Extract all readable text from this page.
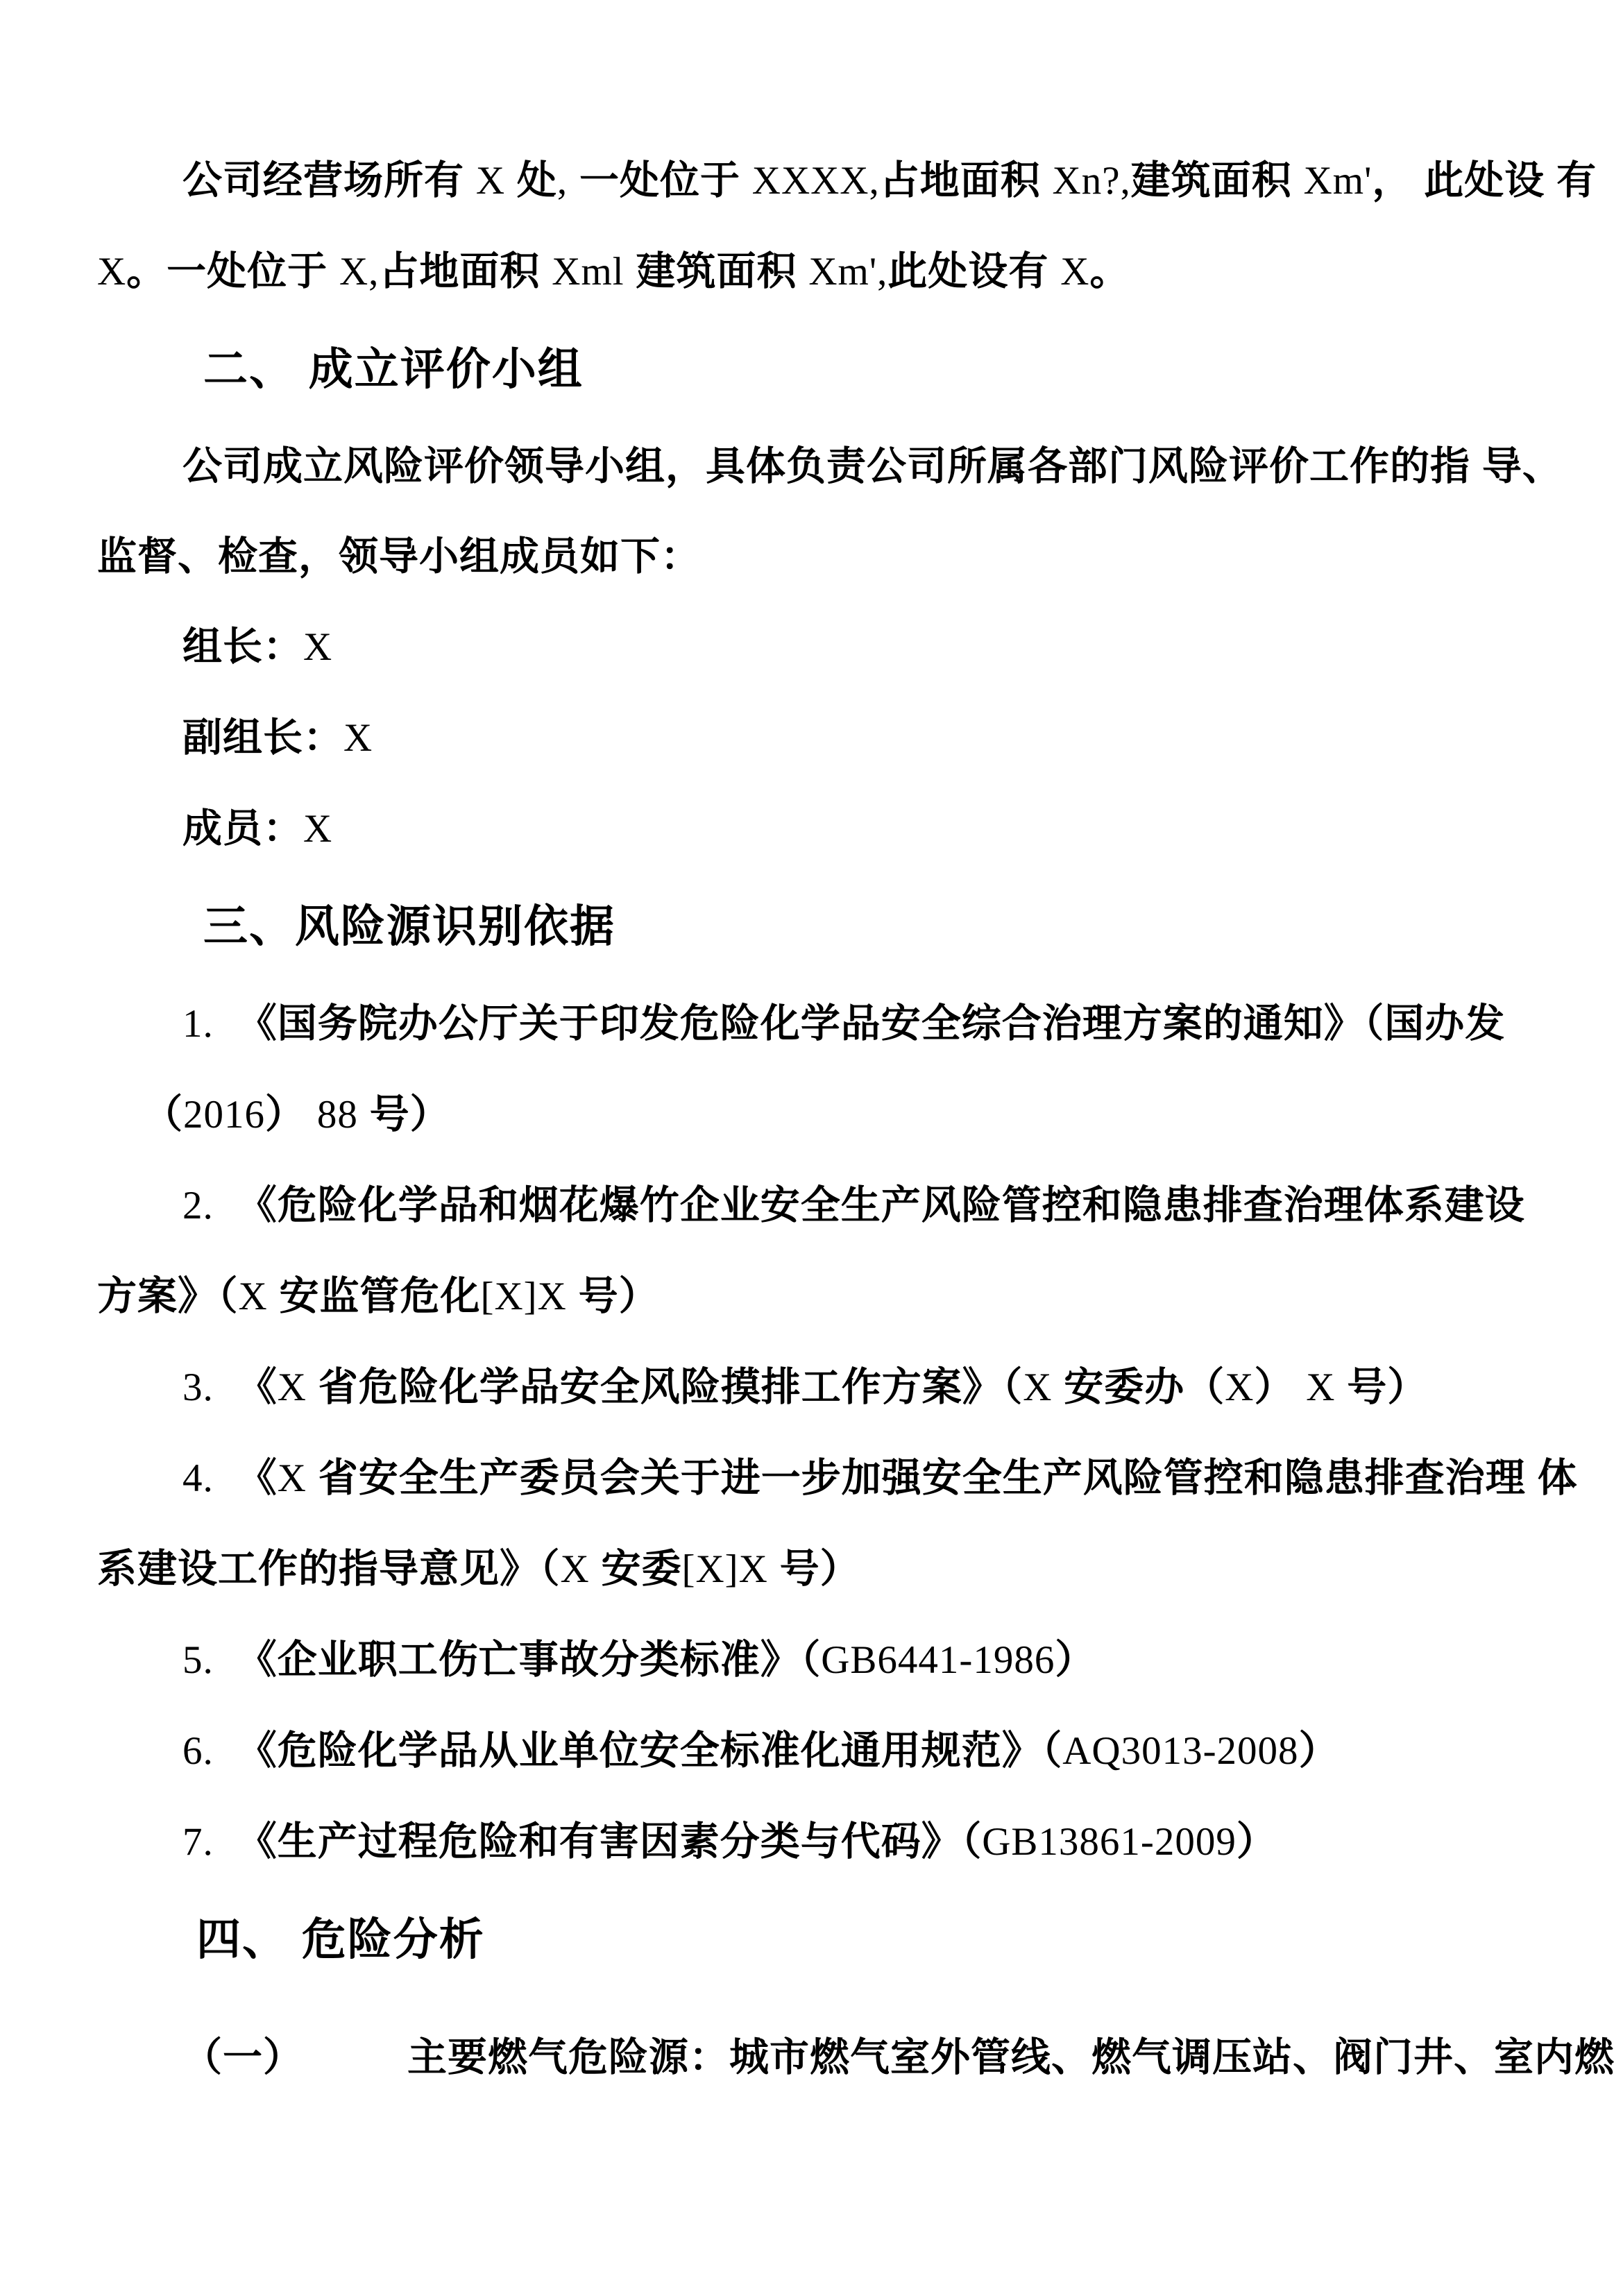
公司经营场所有 X 处, 一处位于 XXXX,占地面积 Xn?,建筑面积 Xm'， 此处设 有
X。一处位于 X,占地面积 Xml 建筑面积 Xm',此处设有 X。
二、 成立评价小组
公司成立风险评价领导小组，具体负责公司所属各部门风险评价工作的指 导、
监督、检查，领导小组成员如下：
组长：X
副组长：X
成员：X
三、风险源识别依据
1. 《国务院办公厅关于印发危险化学品安全综合治理方案的通知》（国办发
（2016） 88 号）
2. 《危险化学品和烟花爆竹企业安全生产风险管控和隐患排查治理体系建设
方案》（X 安监管危化[X]X 号）
3. 《X 省危险化学品安全风险摸排工作方案》（X 安委办（X） X 号）
4. 《X 省安全生产委员会关于进一步加强安全生产风险管控和隐患排查治理 体
系建设工作的指导意见》（X 安委[X]X 号）
5. 《企业职工伤亡事故分类标准》（GB6441-1986）
6. 《危险化学品从业单位安全标准化通用规范》（AQ3013-2008）
7. 《生产过程危险和有害因素分类与代码》（GB13861-2009）
四、 危险分析
（一）	主要燃气危险源：城市燃气室外管线、燃气调压站、阀门井、室内燃
